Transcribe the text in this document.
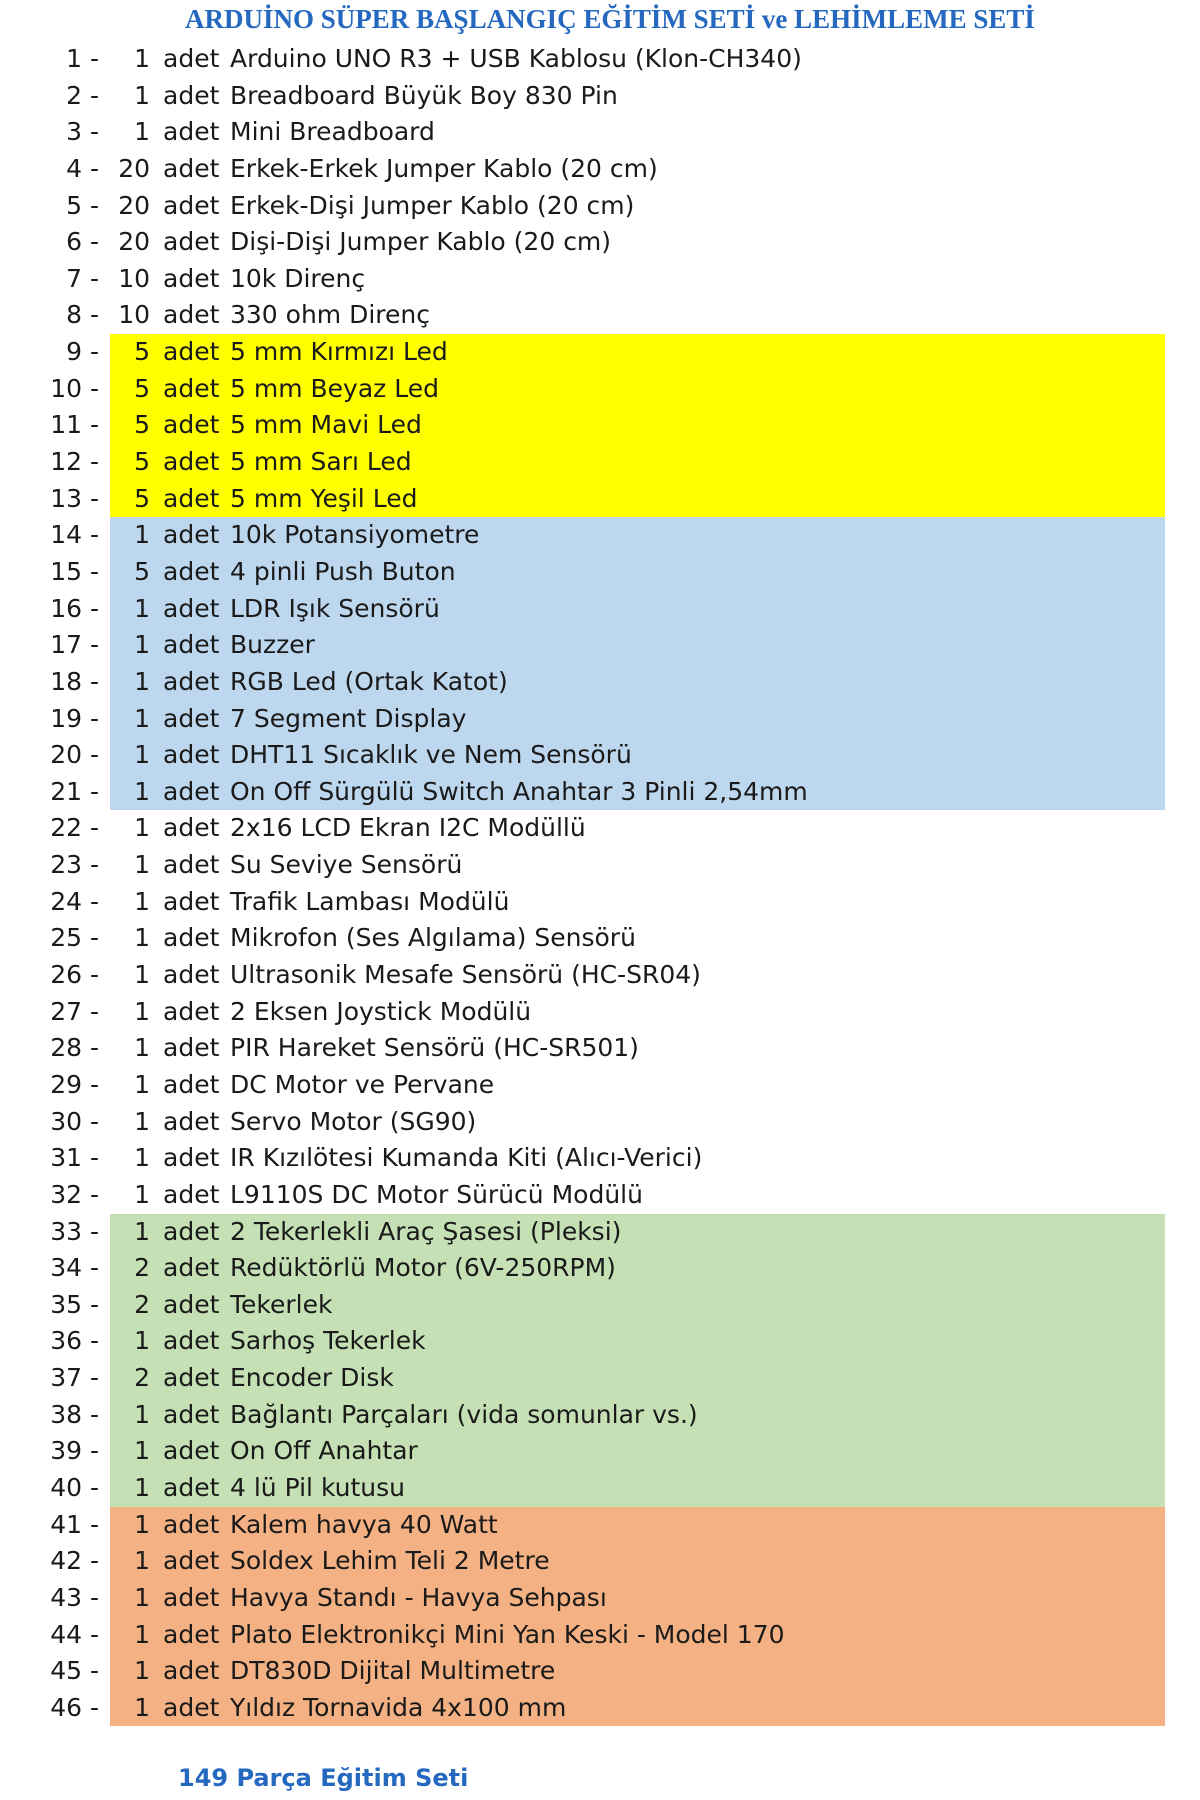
ARDUİNO SÜPER BAŞLANGIÇ EĞİTİM SETİ ve LEHİMLEME SETİ
1 - 1 adet Arduino UNO R3 + USB Kablosu (Klon-CH340)
2 - 1 adet Breadboard Büyük Boy 830 Pin
3 - 1 adet Mini Breadboard
4 - 20 adet Erkek-Erkek Jumper Kablo (20 cm)
5 - 20 adet Erkek-Dişi Jumper Kablo (20 cm)
6 - 20 adet Dişi-Dişi Jumper Kablo (20 cm)
7 - 10 adet 10k Direnç
8 - 10 adet 330 ohm Direnç
9 - 5 adet 5 mm Kırmızı Led
10 - 5 adet 5 mm Beyaz Led
11 - 5 adet 5 mm Mavi Led
12 - 5 adet 5 mm Sarı Led
13 - 5 adet 5 mm Yeşil Led
14 - 1 adet 10k Potansiyometre
15 - 5 adet 4 pinli Push Buton
16 - 1 adet LDR Işık Sensörü
17 - 1 adet Buzzer
18 - 1 adet RGB Led (Ortak Katot)
19 - 1 adet 7 Segment Display
20 - 1 adet DHT11 Sıcaklık ve Nem Sensörü
21 - 1 adet On Off Sürgülü Switch Anahtar 3 Pinli 2,54mm
22 - 1 adet 2x16 LCD Ekran I2C Modüllü
23 - 1 adet Su Seviye Sensörü
24 - 1 adet Trafik Lambası Modülü
25 - 1 adet Mikrofon (Ses Algılama) Sensörü
26 - 1 adet Ultrasonik Mesafe Sensörü (HC-SR04)
27 - 1 adet 2 Eksen Joystick Modülü
28 - 1 adet PIR Hareket Sensörü (HC-SR501)
29 - 1 adet DC Motor ve Pervane
30 - 1 adet Servo Motor (SG90)
31 - 1 adet IR Kızılötesi Kumanda Kiti (Alıcı-Verici)
32 - 1 adet L9110S DC Motor Sürücü Modülü
33 - 1 adet 2 Tekerlekli Araç Şasesi (Pleksi)
34 - 2 adet Redüktörlü Motor (6V-250RPM)
35 - 2 adet Tekerlek
36 - 1 adet Sarhoş Tekerlek
37 - 2 adet Encoder Disk
38 - 1 adet Bağlantı Parçaları (vida somunlar vs.)
39 - 1 adet On Off Anahtar
40 - 1 adet 4 lü Pil kutusu
41 - 1 adet Kalem havya 40 Watt
42 - 1 adet Soldex Lehim Teli 2 Metre
43 - 1 adet Havya Standı - Havya Sehpası
44 - 1 adet Plato Elektronikçi Mini Yan Keski - Model 170
45 - 1 adet DT830D Dijital Multimetre
46 - 1 adet Yıldız Tornavida 4x100 mm
149 Parça Eğitim Seti
